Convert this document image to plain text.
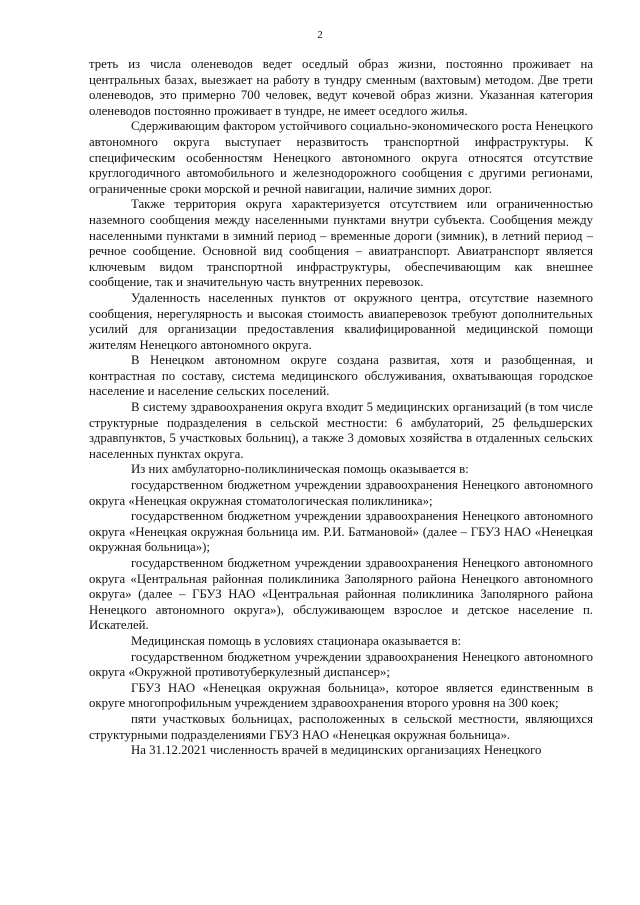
2

треть из числа оленеводов ведет оседлый образ жизни, постоянно проживает на центральных базах, выезжает на работу в тундру сменным (вахтовым) методом. Две трети оленеводов, это примерно 700 человек, ведут кочевой образ жизни. Указанная категория оленеводов постоянно проживает в тундре, не имеет оседлого жилья.

Сдерживающим фактором устойчивого социально-экономического роста Ненецкого автономного округа выступает неразвитость транспортной инфраструктуры. К специфическим особенностям Ненецкого автономного округа относятся отсутствие круглогодичного автомобильного и железнодорожного сообщения с другими регионами, ограниченные сроки морской и речной навигации, наличие зимних дорог.

Также территория округа характеризуется отсутствием или ограниченностью наземного сообщения между населенными пунктами внутри субъекта. Сообщения между населенными пунктами в зимний период – временные дороги (зимник), в летний период – речное сообщение. Основной вид сообщения – авиатранспорт. Авиатранспорт является ключевым видом транспортной инфраструктуры, обеспечивающим как внешнее сообщение, так и значительную часть внутренних перевозок.

Удаленность населенных пунктов от окружного центра, отсутствие наземного сообщения, нерегулярность и высокая стоимость авиаперевозок требуют дополнительных усилий для организации предоставления квалифицированной медицинской помощи жителям Ненецкого автономного округа.

В Ненецком автономном округе создана развитая, хотя и разобщенная, и контрастная по составу, система медицинского обслуживания, охватывающая городское население и население сельских поселений.

В систему здравоохранения округа входит 5 медицинских организаций (в том числе структурные подразделения в сельской местности: 6 амбулаторий, 25 фельдшерских здравпунктов, 5 участковых больниц), а также 3 домовых хозяйства в отдаленных сельских населенных пунктах округа.

Из них амбулаторно-поликлиническая помощь оказывается в:

государственном бюджетном учреждении здравоохранения Ненецкого автономного округа «Ненецкая окружная стоматологическая поликлиника»;

государственном бюджетном учреждении здравоохранения Ненецкого автономного округа «Ненецкая окружная больница им. Р.И. Батмановой» (далее – ГБУЗ НАО «Ненецкая окружная больница»);

государственном бюджетном учреждении здравоохранения Ненецкого автономного округа «Центральная районная поликлиника Заполярного района Ненецкого автономного округа» (далее – ГБУЗ НАО «Центральная районная поликлиника Заполярного района Ненецкого автономного округа»), обслуживающем взрослое и детское население п. Искателей.

Медицинская помощь в условиях стационара оказывается в:

государственном бюджетном учреждении здравоохранения Ненецкого автономного округа «Окружной противотуберкулезный диспансер»;

ГБУЗ НАО «Ненецкая окружная больница», которое является единственным в округе многопрофильным учреждением здравоохранения второго уровня на 300 коек;

пяти участковых больницах, расположенных в сельской местности, являющихся структурными подразделениями ГБУЗ НАО «Ненецкая окружная больница».

На 31.12.2021 численность врачей в медицинских организациях Ненецкого
